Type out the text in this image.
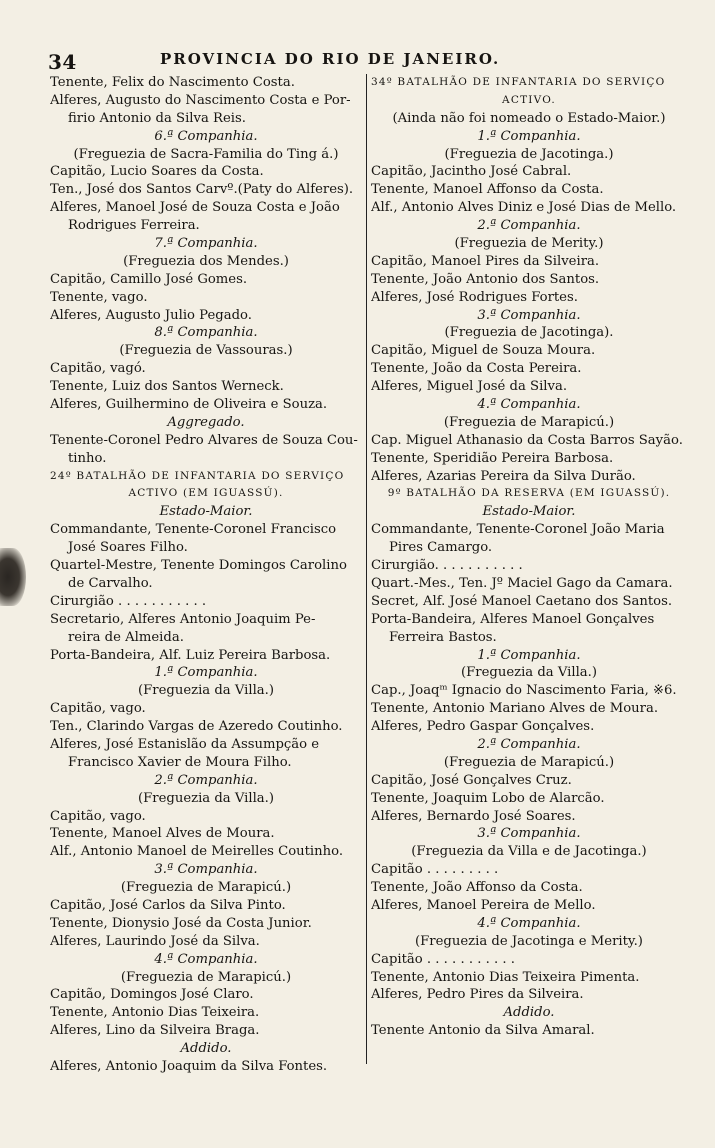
34	PROVINCIA DO RIO DE JANEIRO.
Tenente, Felix do Nascimento Costa.
Alferes, Augusto do Nascimento Costa e Por-
firio Antonio da Silva Reis.
6.ª Companhia.
(Freguezia de Sacra-Familia do Ting á.)
Capitão, Lucio Soares da Costa.
Ten., José dos Santos Carvº.(Paty do Alferes).
Alferes, Manoel José de Souza Costa e João
Rodrigues Ferreira.
7.ª Companhia.
(Freguezia dos Mendes.)
Capitão, Camillo José Gomes.
Tenente, vago.
Alferes, Augusto Julio Pegado.
8.ª Companhia.
(Freguezia de Vassouras.)
Capitão, vagó.
Tenente, Luiz dos Santos Werneck.
Alferes, Guilhermino de Oliveira e Souza.
Aggregado.
Tenente-Coronel Pedro Alvares de Souza Cou-
tinho.
24º BATALHÃO DE INFANTARIA DO SERVIÇO
ACTIVO (EM IGUASSÚ).
Estado-Maior.
Commandante, Tenente-Coronel Francisco
José Soares Filho.
Quartel-Mestre, Tenente Domingos Carolino
de Carvalho.
Cirurgião . . . . . . . . . . .
Secretario, Alferes Antonio Joaquim Pe-
reira de Almeida.
Porta-Bandeira, Alf. Luiz Pereira Barbosa.
1.ª Companhia.
(Freguezia da Villa.)
Capitão, vago.
Ten., Clarindo Vargas de Azeredo Coutinho.
Alferes, José Estanislão da Assumpção e
Francisco Xavier de Moura Filho.
2.ª Companhia.
(Freguezia da Villa.)
Capitão, vago.
Tenente, Manoel Alves de Moura.
Alf., Antonio Manoel de Meirelles Coutinho.
3.ª Companhia.
(Freguezia de Marapicú.)
Capitão, José Carlos da Silva Pinto.
Tenente, Dionysio José da Costa Junior.
Alferes, Laurindo José da Silva.
4.ª Companhia.
(Freguezia de Marapicú.)
Capitão, Domingos José Claro.
Tenente, Antonio Dias Teixeira.
Alferes, Lino da Silveira Braga.
Addido.
Alferes, Antonio Joaquim da Silva Fontes.
34º BATALHÃO DE INFANTARIA DO SERVIÇO
ACTIVO.
(Ainda não foi nomeado o Estado-Maior.)
1.ª Companhia.
(Freguezia de Jacotinga.)
Capitão, Jacintho José Cabral.
Tenente, Manoel Affonso da Costa.
Alf., Antonio Alves Diniz e José Dias de Mello.
2.ª Companhia.
(Freguezia de Merity.)
Capitão, Manoel Pires da Silveira.
Tenente, João Antonio dos Santos.
Alferes, José Rodrigues Fortes.
3.ª Companhia.
(Freguezia de Jacotinga).
Capitão, Miguel de Souza Moura.
Tenente, João da Costa Pereira.
Alferes, Miguel José da Silva.
4.ª Companhia.
(Freguezia de Marapicú.)
Cap. Miguel Athanasio da Costa Barros Sayão.
Tenente, Speridião Pereira Barbosa.
Alferes, Azarias Pereira da Silva Durão.
9º BATALHÃO DA RESERVA (EM IGUASSÚ).
Estado-Maior.
Commandante, Tenente-Coronel João Maria
Pires Camargo.
Cirurgião. . . . . . . . . . .
Quart.-Mes., Ten. Jº Maciel Gago da Camara.
Secret, Alf. José Manoel Caetano dos Santos.
Porta-Bandeira, Alferes Manoel Gonçalves
Ferreira Bastos.
1.ª Companhia.
(Freguezia da Villa.)
Cap., Joaqᵐ Ignacio do Nascimento Faria, ※6.
Tenente, Antonio Mariano Alves de Moura.
Alferes, Pedro Gaspar Gonçalves.
2.ª Companhia.
(Freguezia de Marapicú.)
Capitão, José Gonçalves Cruz.
Tenente, Joaquim Lobo de Alarcão.
Alferes, Bernardo José Soares.
3.ª Companhia.
(Freguezia da Villa e de Jacotinga.)
Capitão . . . . . . . . .
Tenente, João Affonso da Costa.
Alferes, Manoel Pereira de Mello.
4.ª Companhia.
(Freguezia de Jacotinga e Merity.)
Capitão . . . . . . . . . . .
Tenente, Antonio Dias Teixeira Pimenta.
Alferes, Pedro Pires da Silveira.
Addido.
Tenente Antonio da Silva Amaral.
